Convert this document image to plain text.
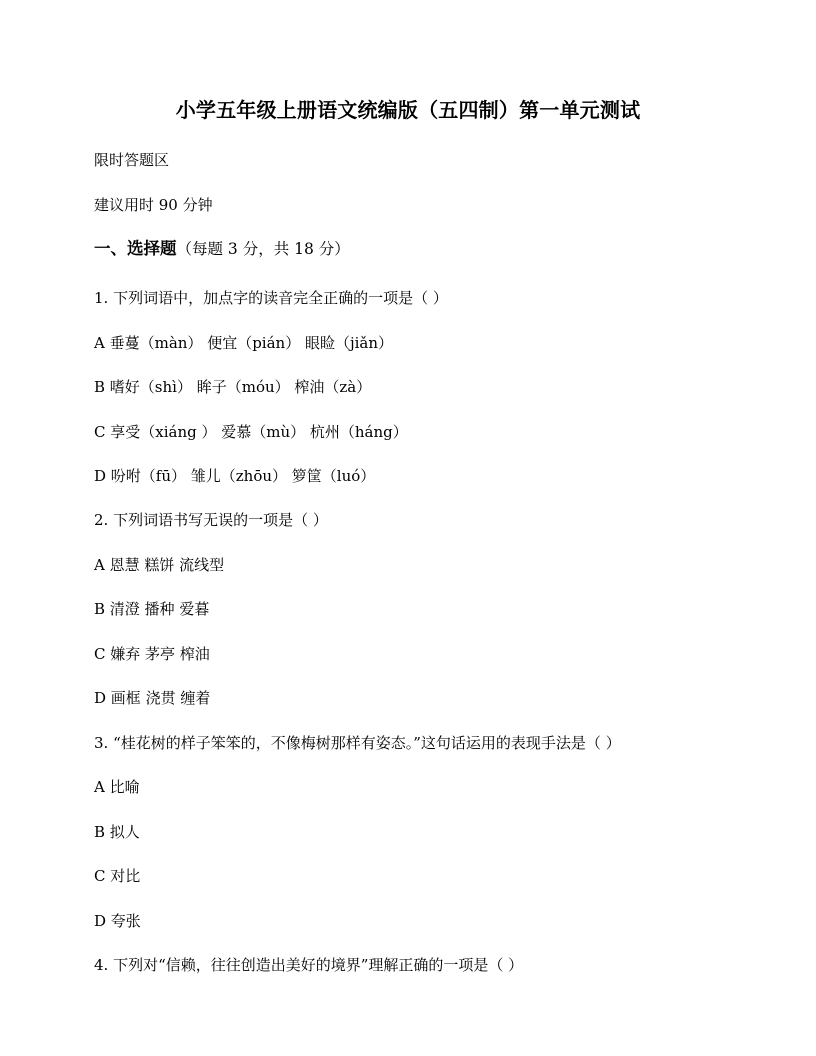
小学五年级上册语文统编版（五四制）第一单元测试
限时答题区
建议用时 90 分钟
一、选择题（每题 3 分，共 18 分）
1. 下列词语中，加点字的读音完全正确的一项是（ ）
A 垂蔓（màn） 便宜（pián） 眼睑（jiǎn）
B 嗜好（shì） 眸子（móu） 榨油（zà）
C 享受（xiáng ） 爱慕（mù） 杭州（háng）
D 吩咐（fū） 雏儿（zhōu） 箩筐（luó）
2. 下列词语书写无误的一项是（ ）
A 恩慧 糕饼 流线型
B 清澄 播种 爱暮
C 嫌弃 茅亭 榨油
D 画框 浇贯 缠着
3. “桂花树的样子笨笨的，不像梅树那样有姿态。”这句话运用的表现手法是（ ）
A 比喻
B 拟人
C 对比
D 夸张
4. 下列对“信赖，往往创造出美好的境界”理解正确的一项是（ ）
